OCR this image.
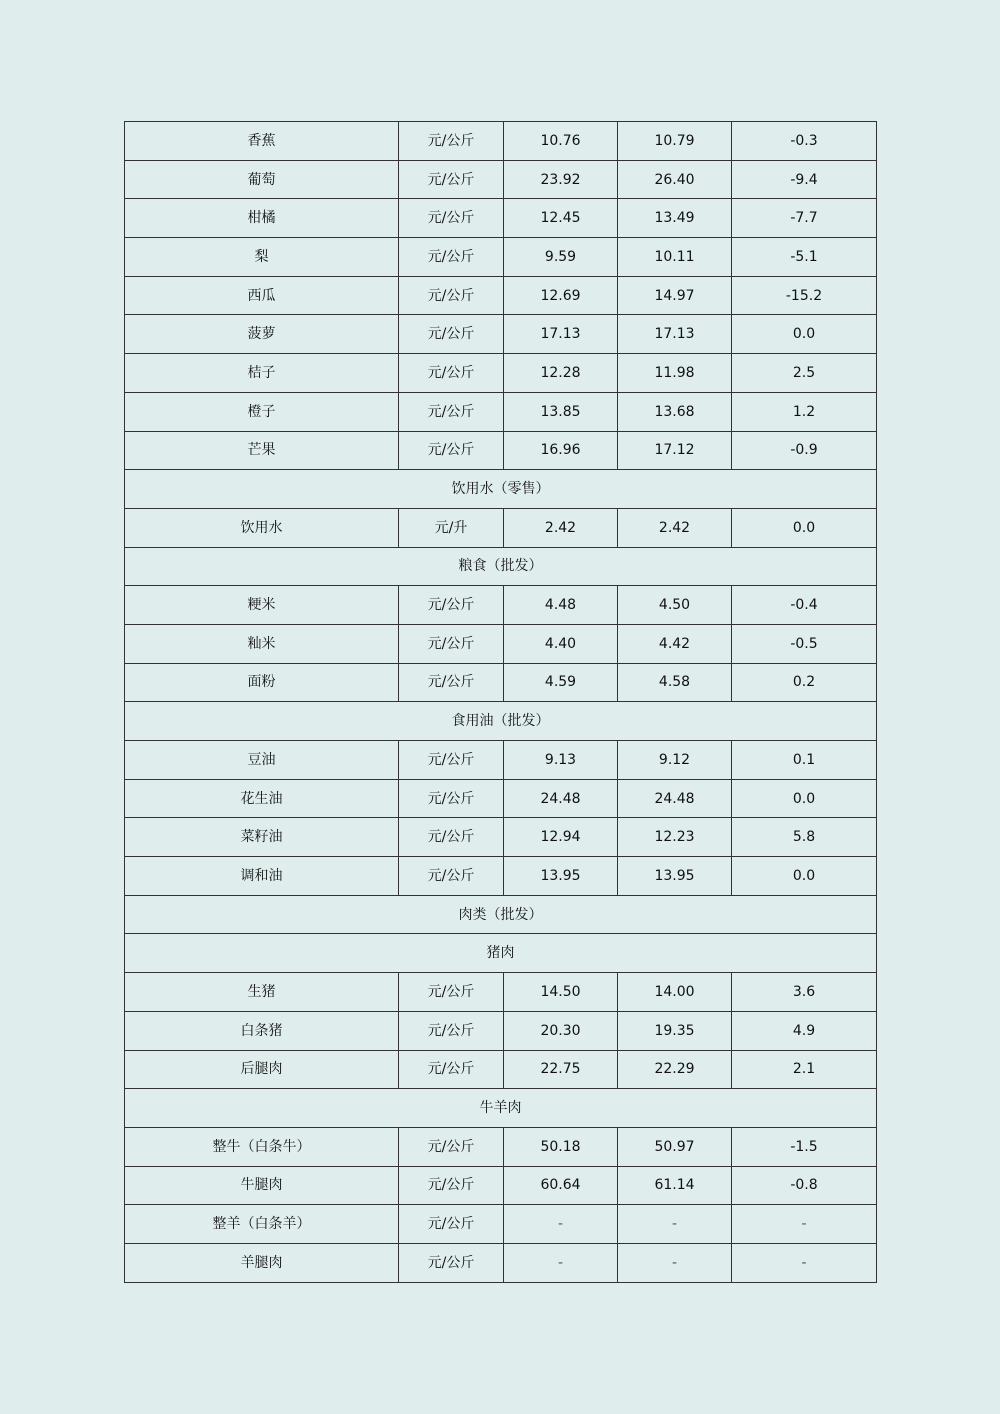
香蕉	元/公斤	10.76	10.79	-0.3
葡萄	元/公斤	23.92	26.40	-9.4
柑橘	元/公斤	12.45	13.49	-7.7
梨	元/公斤	9.59	10.11	-5.1
西瓜	元/公斤	12.69	14.97	-15.2
菠萝	元/公斤	17.13	17.13	0.0
桔子	元/公斤	12.28	11.98	2.5
橙子	元/公斤	13.85	13.68	1.2
芒果	元/公斤	16.96	17.12	-0.9
饮用水（零售）				
饮用水	元/升	2.42	2.42	0.0
粮食（批发）				
粳米	元/公斤	4.48	4.50	-0.4
籼米	元/公斤	4.40	4.42	-0.5
面粉	元/公斤	4.59	4.58	0.2
食用油（批发）				
豆油	元/公斤	9.13	9.12	0.1
花生油	元/公斤	24.48	24.48	0.0
菜籽油	元/公斤	12.94	12.23	5.8
调和油	元/公斤	13.95	13.95	0.0
肉类（批发）				
猪肉				
生猪	元/公斤	14.50	14.00	3.6
白条猪	元/公斤	20.30	19.35	4.9
后腿肉	元/公斤	22.75	22.29	2.1
牛羊肉				
整牛（白条牛）	元/公斤	50.18	50.97	-1.5
牛腿肉	元/公斤	60.64	61.14	-0.8
整羊（白条羊）	元/公斤	-	-	-
羊腿肉	元/公斤	-	-	-
